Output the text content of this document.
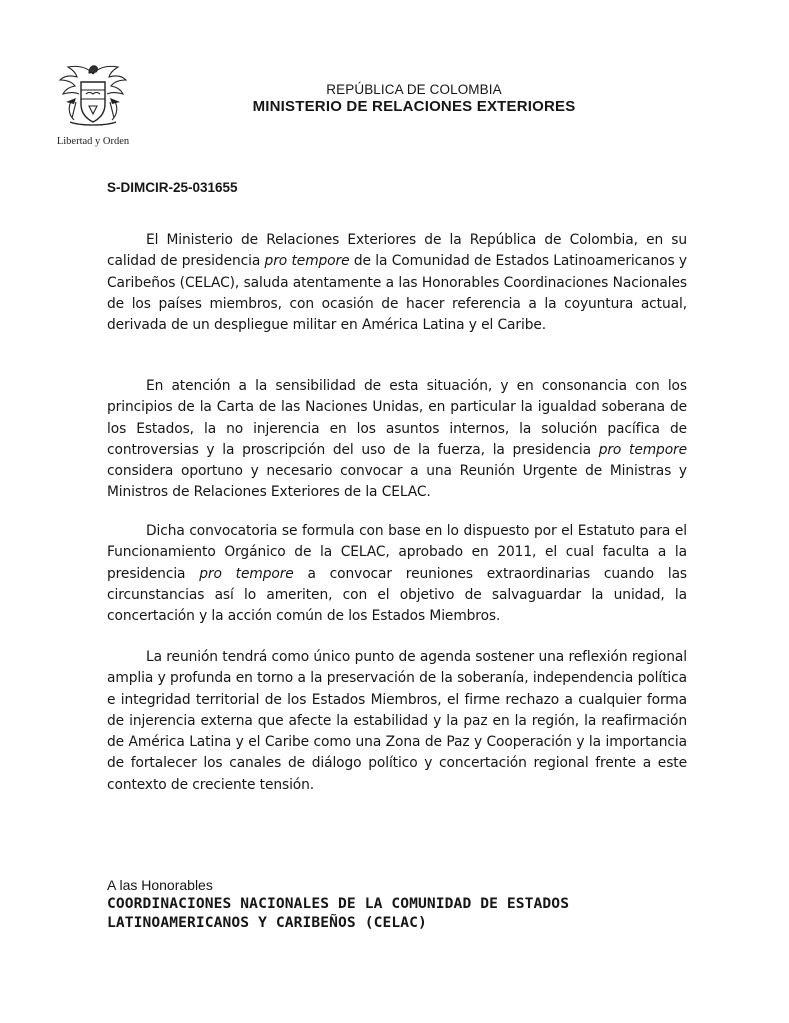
Libertad y Orden
REPÚBLICA DE COLOMBIA
MINISTERIO DE RELACIONES EXTERIORES
S-DIMCIR-25-031655

El Ministerio de Relaciones Exteriores de la República de Colombia, en su calidad de presidencia pro tempore de la Comunidad de Estados Latinoamericanos y Caribeños (CELAC), saluda atentamente a las Honorables Coordinaciones Nacionales de los países miembros, con ocasión de hacer referencia a la coyuntura actual, derivada de un despliegue militar en América Latina y el Caribe.

En atención a la sensibilidad de esta situación, y en consonancia con los principios de la Carta de las Naciones Unidas, en particular la igualdad soberana de los Estados, la no injerencia en los asuntos internos, la solución pacífica de controversias y la proscripción del uso de la fuerza, la presidencia pro tempore considera oportuno y necesario convocar a una Reunión Urgente de Ministras y Ministros de Relaciones Exteriores de la CELAC.

Dicha convocatoria se formula con base en lo dispuesto por el Estatuto para el Funcionamiento Orgánico de la CELAC, aprobado en 2011, el cual faculta a la presidencia pro tempore a convocar reuniones extraordinarias cuando las circunstancias así lo ameriten, con el objetivo de salvaguardar la unidad, la concertación y la acción común de los Estados Miembros.

La reunión tendrá como único punto de agenda sostener una reflexión regional amplia y profunda en torno a la preservación de la soberanía, independencia política e integridad territorial de los Estados Miembros, el firme rechazo a cualquier forma de injerencia externa que afecte la estabilidad y la paz en la región, la reafirmación de América Latina y el Caribe como una Zona de Paz y Cooperación y la importancia de fortalecer los canales de diálogo político y concertación regional frente a este contexto de creciente tensión.

A las Honorables
COORDINACIONES NACIONALES DE LA COMUNIDAD DE ESTADOS
LATINOAMERICANOS Y CARIBEÑOS (CELAC)
